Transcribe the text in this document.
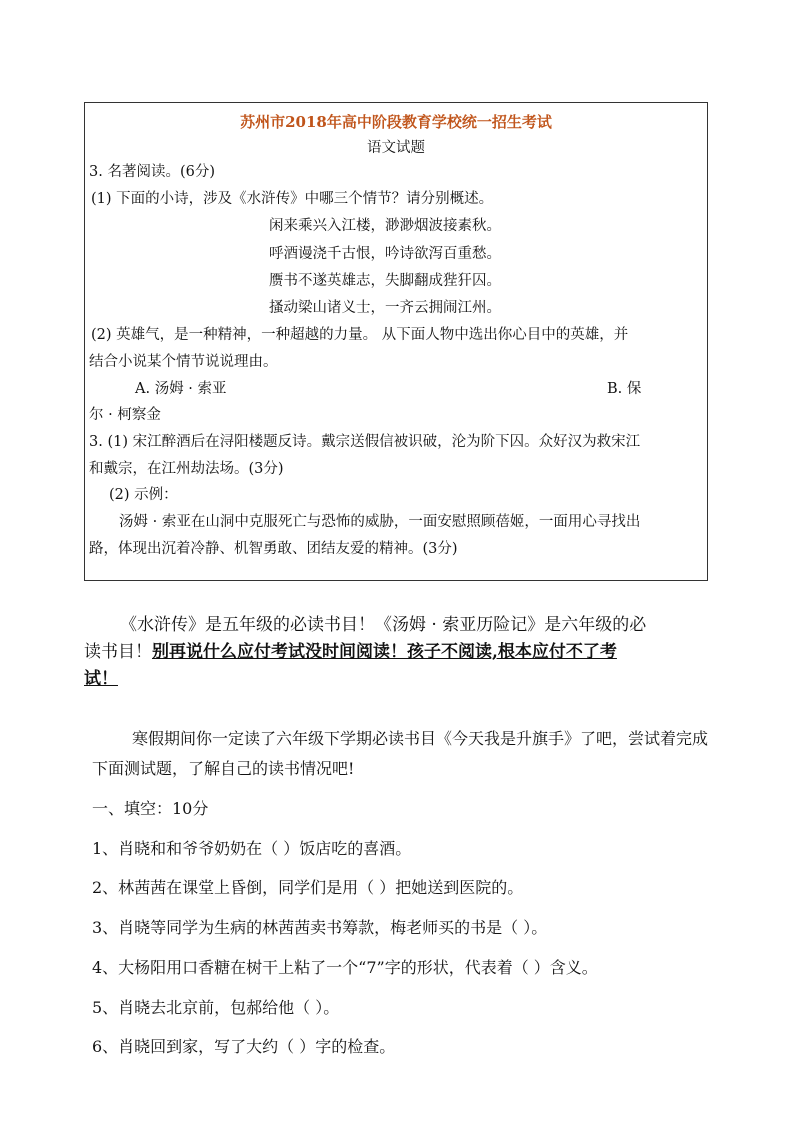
苏州市2018年高中阶段教育学校统一招生考试
语文试题
3. 名著阅读。(6分)
(1) 下面的小诗，涉及《水浒传》中哪三个情节？请分别概述。
闲来乘兴入江楼，渺渺烟波接素秋。
呼酒谩浇千古恨，吟诗欲泻百重愁。
赝书不遂英雄志，失脚翻成狴犴囚。
搔动梁山诸义士，一齐云拥闹江州。
(2) 英雄气，是一种精神，一种超越的力量。 从下面人物中选出你心目中的英雄，并
结合小说某个情节说说理由。
A. 汤姆 · 索亚	B. 保
尔 · 柯察金
3. (1) 宋江醉酒后在浔阳楼题反诗。戴宗送假信被识破，沦为阶下囚。众好汉为救宋江
和戴宗，在江州劫法场。(3分)
(2) 示例：
汤姆 · 索亚在山洞中克服死亡与恐怖的威胁，一面安慰照顾蓓姬，一面用心寻找出
路，体现出沉着冷静、机智勇敢、团结友爱的精神。(3分)
《水浒传》是五年级的必读书目！《汤姆 · 索亚历险记》是六年级的必
读书目！别再说什么应付考试没时间阅读！孩子不阅读,根本应付不了考
试！
寒假期间你一定读了六年级下学期必读书目《今天我是升旗手》了吧，尝试着完成
下面测试题，了解自己的读书情况吧!
一、填空：10分
1、肖晓和和爷爷奶奶在（ ）饭店吃的喜酒。
2、林茜茜在课堂上昏倒，同学们是用（ ）把她送到医院的。
3、肖晓等同学为生病的林茜茜卖书筹款，梅老师买的书是（ ）。
4、大杨阳用口香糖在树干上粘了一个“7”字的形状，代表着（ ）含义。
5、肖晓去北京前，包郝给他（ ）。
6、肖晓回到家，写了大约（ ）字的检查。
